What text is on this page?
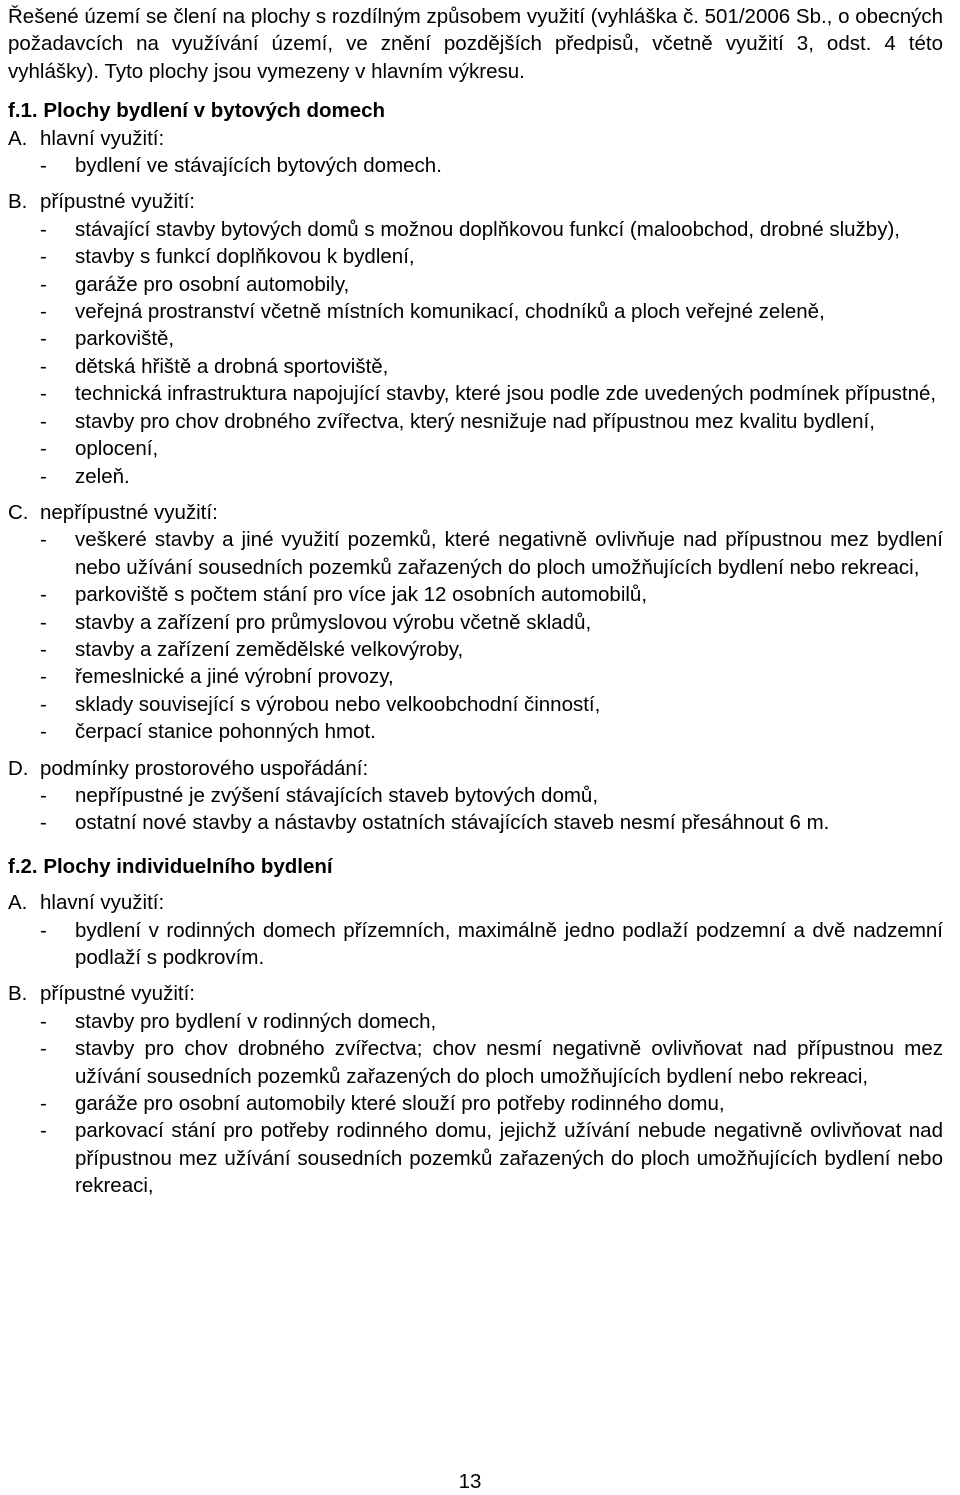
Řešené území se člení na plochy s rozdílným způsobem využití (vyhláška č. 501/2006 Sb., o obecných požadavcích na využívání území, ve znění pozdějších předpisů, včetně využití 3, odst. 4 této vyhlášky). Tyto plochy jsou vymezeny v hlavním výkresu.

f.1. Plochy bydlení v bytových domech

A. hlavní využití:
-	bydlení ve stávajících bytových domech.
B. přípustné využití:
-	stávající stavby bytových domů s možnou doplňkovou funkcí (maloobchod, drobné služby),
-	stavby s funkcí doplňkovou k bydlení,
-	garáže pro osobní automobily,
-	veřejná prostranství včetně místních komunikací, chodníků a ploch veřejné zeleně,
-	parkoviště,
-	dětská hřiště a drobná sportoviště,
-	technická infrastruktura napojující stavby, které jsou podle zde uvedených podmínek přípustné,
-	stavby pro chov drobného zvířectva, který nesnižuje nad přípustnou mez kvalitu bydlení,
-	oplocení,
-	zeleň.
C. nepřípustné využití:
-	veškeré stavby a jiné využití pozemků, které negativně ovlivňuje nad přípustnou mez bydlení nebo užívání sousedních pozemků zařazených do ploch umožňujících bydlení nebo rekreaci,
-	parkoviště s počtem stání pro více jak 12 osobních automobilů,
-	stavby a zařízení pro průmyslovou výrobu včetně skladů,
-	stavby a zařízení zemědělské velkovýroby,
-	řemeslnické a jiné výrobní provozy,
-	sklady související s výrobou nebo velkoobchodní činností,
-	čerpací stanice pohonných hmot.
D. podmínky prostorového uspořádání:
-	nepřípustné je zvýšení stávajících staveb bytových domů,
-	ostatní nové stavby a nástavby ostatních stávajících staveb nesmí přesáhnout 6 m.

f.2. Plochy individuelního bydlení

A. hlavní využití:
-	bydlení v rodinných domech přízemních, maximálně jedno podlaží podzemní a dvě nadzemní podlaží s podkrovím.
B. přípustné využití:
-	stavby pro bydlení v rodinných domech,
-	stavby pro chov drobného zvířectva; chov nesmí negativně ovlivňovat nad přípustnou mez užívání sousedních pozemků zařazených do ploch umožňujících bydlení nebo rekreaci,
-	garáže pro osobní automobily které slouží pro potřeby rodinného domu,
-	parkovací stání pro potřeby rodinného domu, jejichž užívání nebude negativně ovlivňovat nad přípustnou mez užívání sousedních pozemků zařazených do ploch umožňujících bydlení nebo rekreaci,
13
